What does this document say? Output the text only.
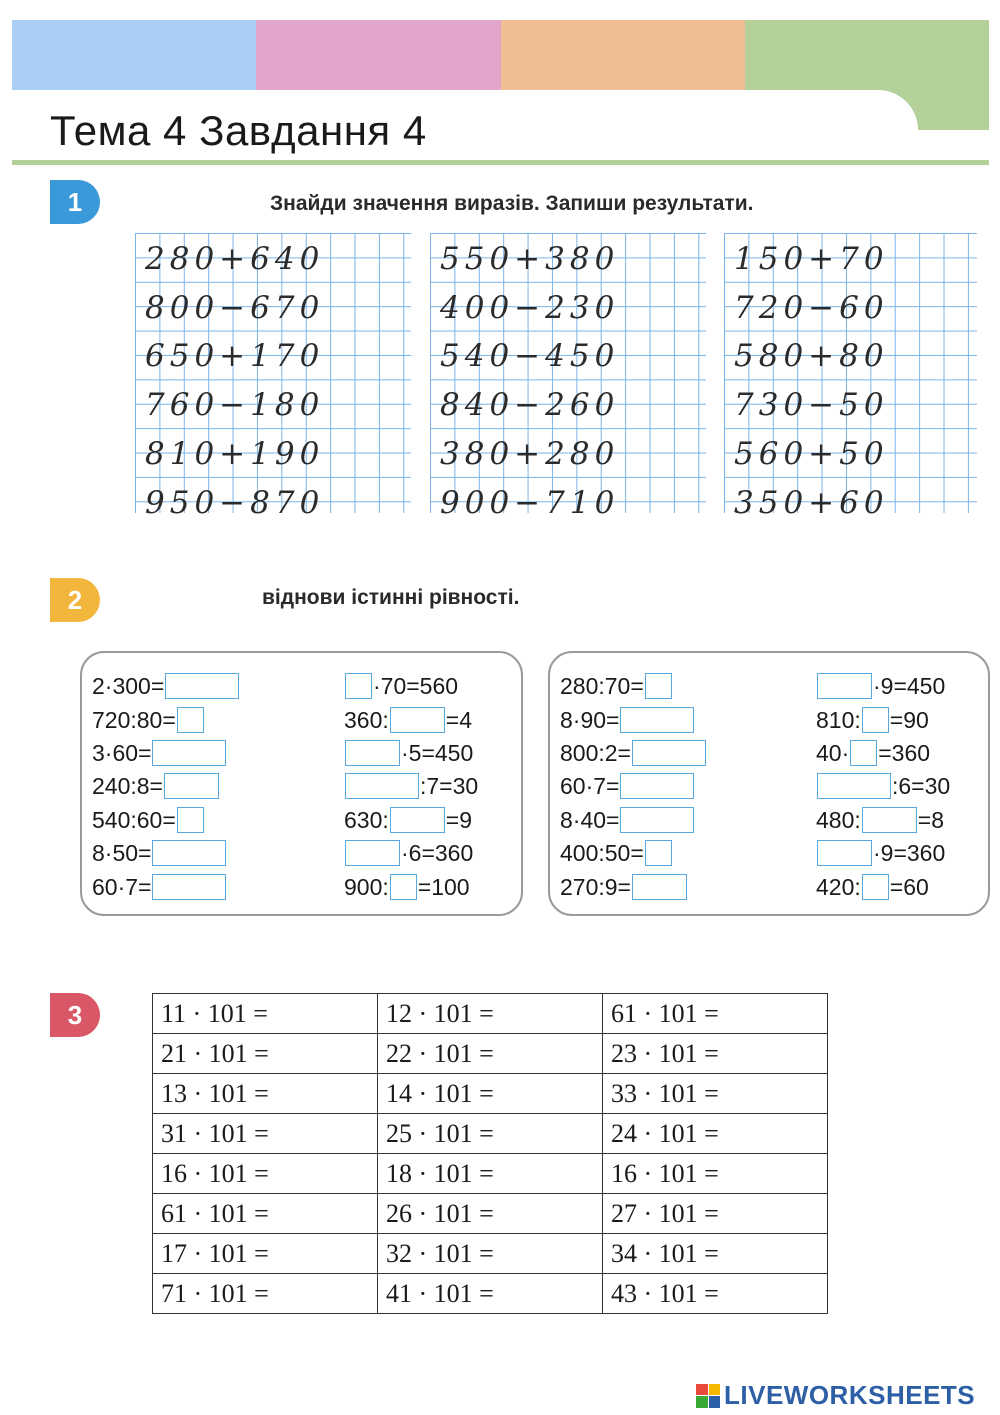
Тема 4 Завдання 4
1	Знайди значення виразів. Запиши результати.
280+640
800−670
650+170
760−180
810+190
950−870
550+380
400−230
540−450
840−260
380+280
900−710
150+70
720−60
580+80
730−50
560+50
350+60
2	віднови істинні рівності.
2·300=
720:80=
3·60=
240:8=
540:60=
8·50=
60·7=
·70=560
360: =4
·5=450
:7=30
630: =9
·6=360
900: =100
280:70=
8·90=
800:2=
60·7=
8·40=
400:50=
270:9=
·9=450
810: =90
40· =360
:6=30
480: =8
·9=360
420: =60
3	11 · 101 =	12 · 101 =	61 · 101 =
21 · 101 =	22 · 101 =	23 · 101 =
13 · 101 =	14 · 101 =	33 · 101 =
31 · 101 =	25 · 101 =	24 · 101 =
16 · 101 =	18 · 101 =	16 · 101 =
61 · 101 =	26 · 101 =	27 · 101 =
17 · 101 =	32 · 101 =	34 · 101 =
71 · 101 =	41 · 101 =	43 · 101 =
LIVEWORKSHEETS
